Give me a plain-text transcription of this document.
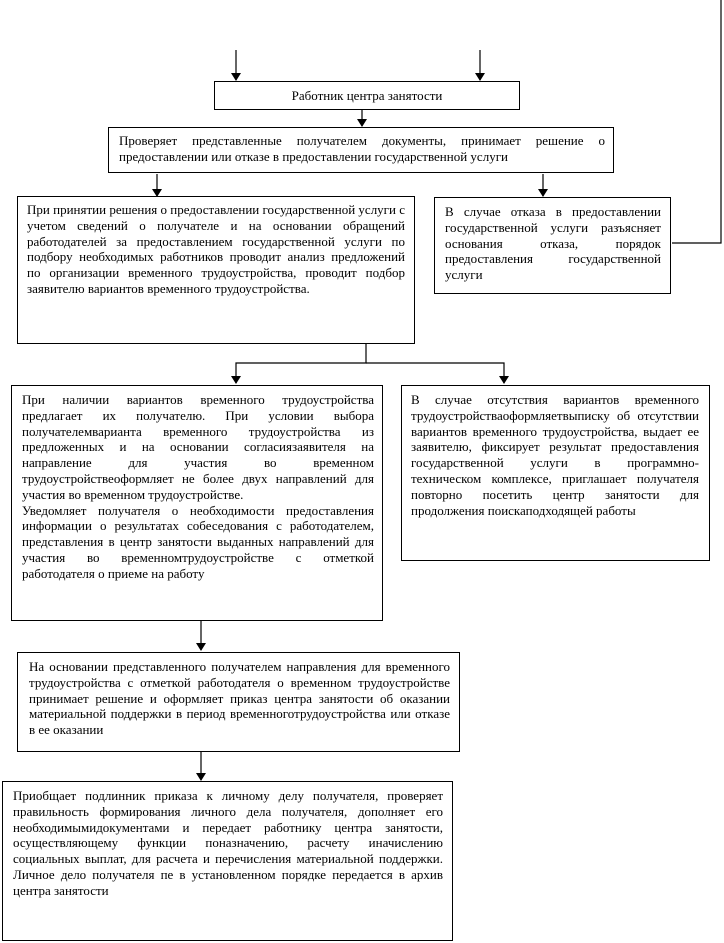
Работник центра занятости

Проверяет представленные получателем документы, принимает решение о предоставлении или отказе в предоставлении государственной услуги

При принятии решения о предоставлении государственной услуги с учетом сведений о получателе и на основании обращений работодателей за предоставлением государственной услуги по подбору необходимых работников проводит анализ предложений по организации временного трудоустройства, проводит подбор заявителю вариантов временного трудоустройства.

В случае отказа в предоставлении государственной услуги разъясняет основания отказа, порядок предоставления государственной услуги

При наличии вариантов временного трудоустройства предлагает их получателю. При условии выбора получателемварианта временного трудоустройства из предложенных и на основании согласиязаявителя на направление для участия во временном трудоустройствеоформляет не более двух направлений для участия во временном трудоустройстве.

Уведомляет получателя о необходимости предоставления информации о результатах собеседования с работодателем, представления в центр занятости выданных направлений для участия во временномтрудоустройстве с отметкой работодателя о приеме на работу

В случае отсутствия вариантов временного трудоустройстваоформляетвыписку об отсутствии вариантов временного трудоустройства, выдает ее заявителю, фиксирует результат предоставления государственной услуги в программно-техническом комплексе, приглашает получателя повторно посетить центр занятости для продолжения поискаподходящей работы

На основании представленного получателем направления для временного трудоустройства с отметкой работодателя о временном трудоустройстве принимает решение и оформляет приказ центра занятости об оказании материальной поддержки в период временноготрудоустройства или отказе в ее оказании

Приобщает подлинник приказа к личному делу получателя, проверяет правильность формирования личного дела получателя, дополняет его необходимымидокументами и передает работнику центра занятости, осуществляющему функции поназначению, расчету иначислению социальных выплат, для расчета и перечисления материальной поддержки. Личное дело получателя пе в установленном порядке передается в архив центра занятости
